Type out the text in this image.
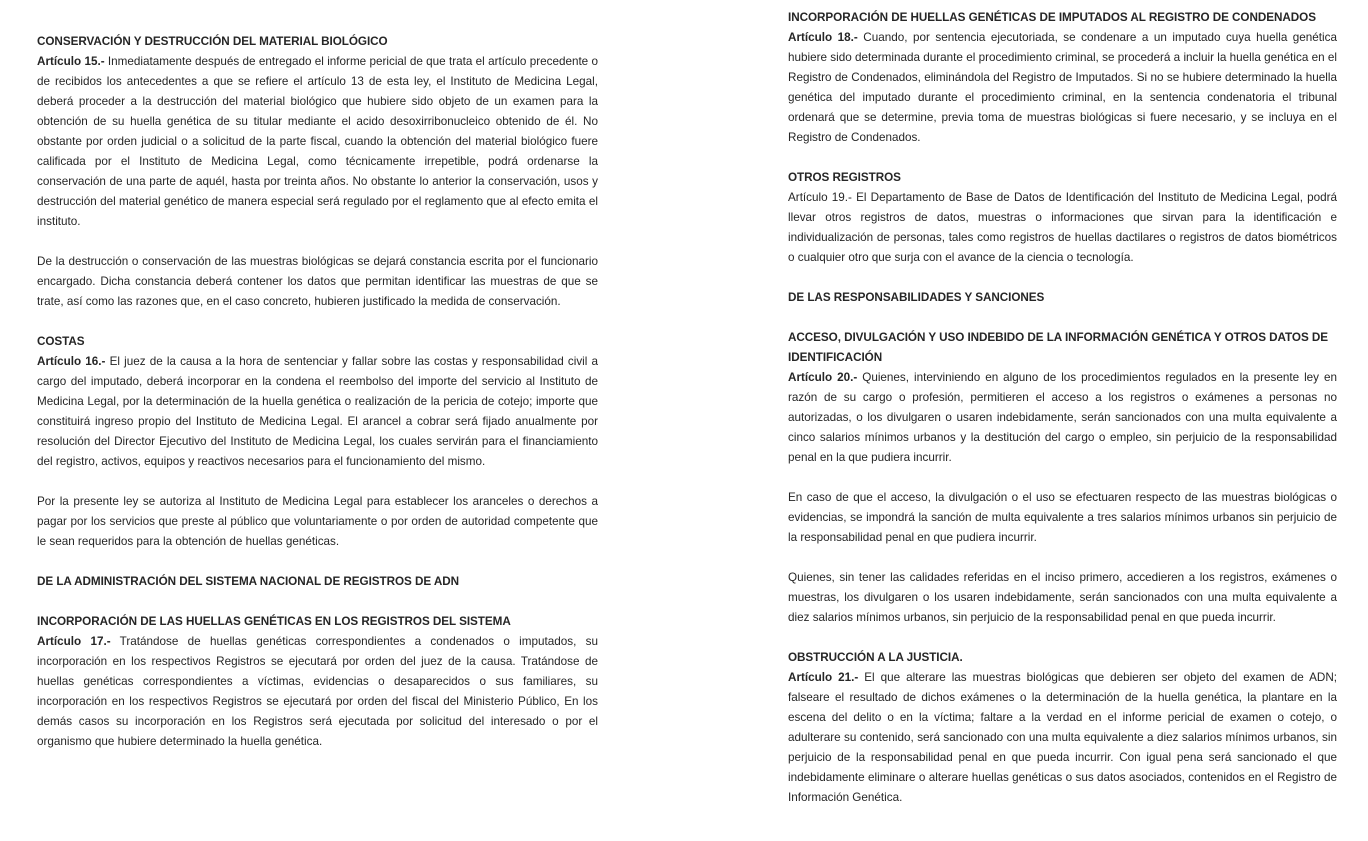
CONSERVACIÓN Y DESTRUCCIÓN DEL MATERIAL BIOLÓGICO

Artículo 15.- Inmediatamente después de entregado el informe pericial de que trata el artículo precedente o de recibidos los antecedentes a que se refiere el artículo 13 de esta ley, el Instituto de Medicina Legal, deberá proceder a la destrucción del material biológico que hubiere sido objeto de un examen para la obtención de su huella genética de su titular mediante el acido desoxirribonucleico obtenido de él. No obstante por orden judicial o a solicitud de la parte fiscal, cuando la obtención del material biológico fuere calificada por el Instituto de Medicina Legal, como técnicamente irrepetible, podrá ordenarse la conservación de una parte de aquél, hasta por treinta años. No obstante lo anterior la conservación, usos y destrucción del material genético de manera especial será regulado por el reglamento que al efecto emita el instituto.

De la destrucción o conservación de las muestras biológicas se dejará constancia escrita por el funcionario encargado. Dicha constancia deberá contener los datos que permitan identificar las muestras de que se trate, así como las razones que, en el caso concreto, hubieren justificado la medida de conservación.

COSTAS

Artículo 16.- El juez de la causa a la hora de sentenciar y fallar sobre las costas y responsabilidad civil a cargo del imputado, deberá incorporar en la condena el reembolso del importe del servicio al Instituto de Medicina Legal, por la determinación de la huella genética o realización de la pericia de cotejo; importe que constituirá ingreso propio del Instituto de Medicina Legal. El arancel a cobrar será fijado anualmente por resolución del Director Ejecutivo del Instituto de Medicina Legal, los cuales servirán para el financiamiento del registro, activos, equipos y reactivos necesarios para el funcionamiento del mismo.

Por la presente ley se autoriza al Instituto de Medicina Legal para establecer los aranceles o derechos a pagar por los servicios que preste al público que voluntariamente o por orden de autoridad competente que le sean requeridos para la obtención de huellas genéticas.

DE LA ADMINISTRACIÓN DEL SISTEMA NACIONAL DE REGISTROS DE ADN
INCORPORACIÓN DE LAS HUELLAS GENÉTICAS EN LOS REGISTROS DEL SISTEMA

Artículo 17.- Tratándose de huellas genéticas correspondientes a condenados o imputados, su incorporación en los respectivos Registros se ejecutará por orden del juez de la causa. Tratándose de huellas genéticas correspondientes a víctimas, evidencias o desaparecidos o sus familiares, su incorporación en los respectivos Registros se ejecutará por orden del fiscal del Ministerio Público, En los demás casos su incorporación en los Registros será ejecutada por solicitud del interesado o por el organismo que hubiere determinado la huella genética.

INCORPORACIÓN DE HUELLAS GENÉTICAS DE IMPUTADOS AL REGISTRO DE CONDENADOS

Artículo 18.- Cuando, por sentencia ejecutoriada, se condenare a un imputado cuya huella genética hubiere sido determinada durante el procedimiento criminal, se procederá a incluir la huella genética en el Registro de Condenados, eliminándola del Registro de Imputados. Si no se hubiere determinado la huella genética del imputado durante el procedimiento criminal, en la sentencia condenatoria el tribunal ordenará que se determine, previa toma de muestras biológicas si fuere necesario, y se incluya en el Registro de Condenados.

OTROS REGISTROS

Artículo 19.- El Departamento de Base de Datos de Identificación del Instituto de Medicina Legal, podrá llevar otros registros de datos, muestras o informaciones que sirvan para la identificación e individualización de personas, tales como registros de huellas dactilares o registros de datos biométricos o cualquier otro que surja con el avance de la ciencia o tecnología.

DE LAS RESPONSABILIDADES Y SANCIONES
ACCESO, DIVULGACIÓN Y USO INDEBIDO DE LA INFORMACIÓN GENÉTICA Y OTROS DATOS DE IDENTIFICACIÓN

Artículo 20.- Quienes, interviniendo en alguno de los procedimientos regulados en la presente ley en razón de su cargo o profesión, permitieren el acceso a los registros o exámenes a personas no autorizadas, o los divulgaren o usaren indebidamente, serán sancionados con una multa equivalente a cinco salarios mínimos urbanos y la destitución del cargo o empleo, sin perjuicio de la responsabilidad penal en la que pudiera incurrir.

En caso de que el acceso, la divulgación o el uso se efectuaren respecto de las muestras biológicas o evidencias, se impondrá la sanción de multa equivalente a tres salarios mínimos urbanos sin perjuicio de la responsabilidad penal en que pudiera incurrir.

Quienes, sin tener las calidades referidas en el inciso primero, accedieren a los registros, exámenes o muestras, los divulgaren o los usaren indebidamente, serán sancionados con una multa equivalente a diez salarios mínimos urbanos, sin perjuicio de la responsabilidad penal en que pueda incurrir.

OBSTRUCCIÓN A LA JUSTICIA.

Artículo 21.- El que alterare las muestras biológicas que debieren ser objeto del examen de ADN; falseare el resultado de dichos exámenes o la determinación de la huella genética, la plantare en la escena del delito o en la víctima; faltare a la verdad en el informe pericial de examen o cotejo, o adulterare su contenido, será sancionado con una multa equivalente a diez salarios mínimos urbanos, sin perjuicio de la responsabilidad penal en que pueda incurrir. Con igual pena será sancionado el que indebidamente eliminare o alterare huellas genéticas o sus datos asociados, contenidos en el Registro de Información Genética.
